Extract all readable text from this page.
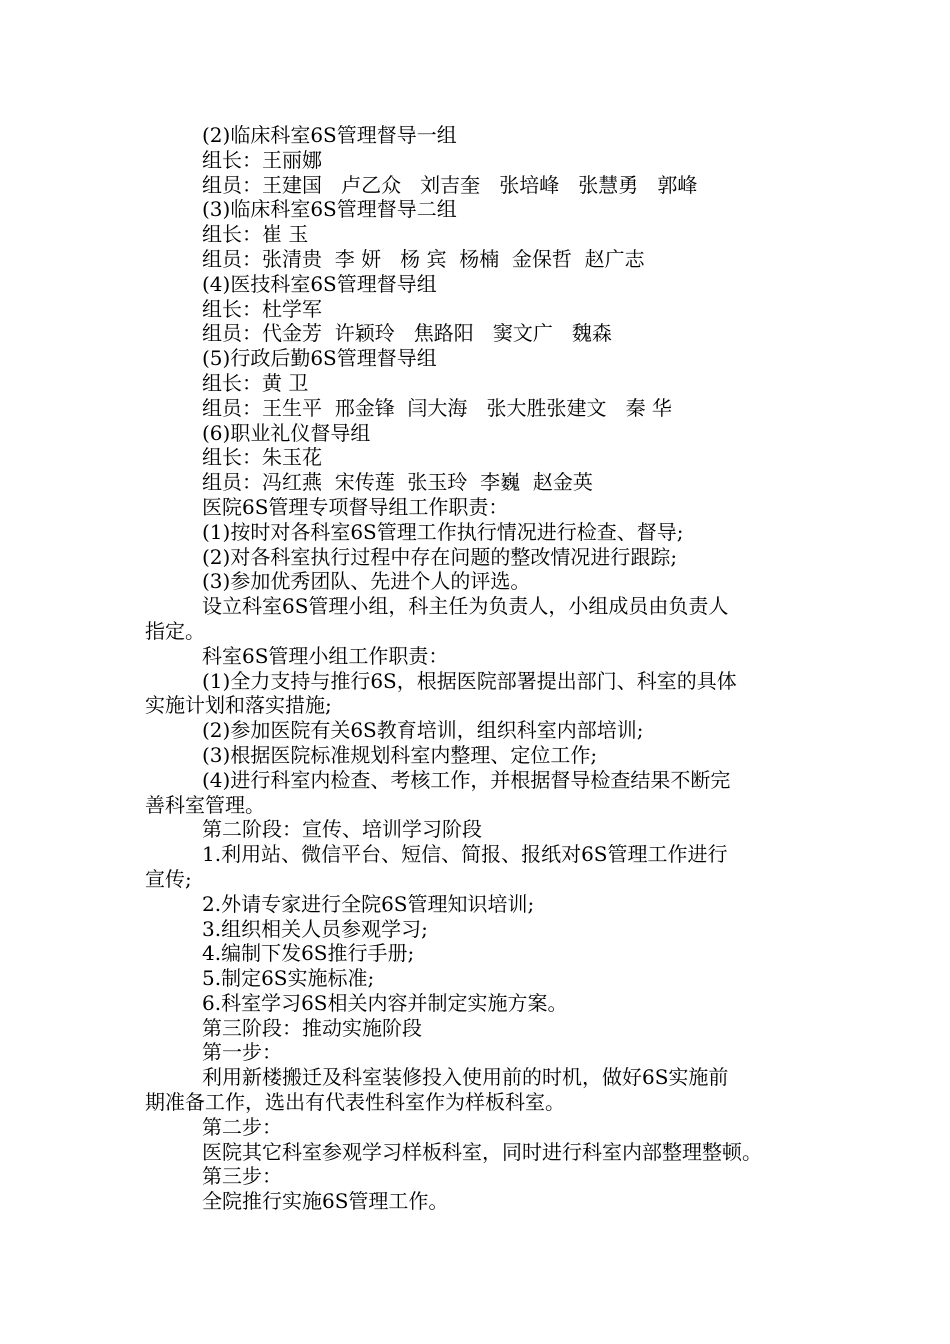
(2)临床科室6S管理督导一组
组长：王丽娜
组员：王建国   卢乙众   刘吉奎   张培峰   张慧勇   郭峰
(3)临床科室6S管理督导二组
组长：崔 玉
组员：张清贵  李 妍   杨 宾  杨楠  金保哲  赵广志
(4)医技科室6S管理督导组
组长：杜学军
组员：代金芳  许颖玲   焦路阳   窦文广   魏森
(5)行政后勤6S管理督导组
组长：黄 卫
组员：王生平  邢金锋  闫大海   张大胜张建文   秦 华
(6)职业礼仪督导组
组长：朱玉花
组员：冯红燕  宋传莲  张玉玲  李巍  赵金英
医院6S管理专项督导组工作职责：
(1)按时对各科室6S管理工作执行情况进行检查、督导;
(2)对各科室执行过程中存在问题的整改情况进行跟踪;
(3)参加优秀团队、先进个人的评选。
设立科室6S管理小组，科主任为负责人，小组成员由负责人
指定。
科室6S管理小组工作职责：
(1)全力支持与推行6S，根据医院部署提出部门、科室的具体
实施计划和落实措施;
(2)参加医院有关6S教育培训，组织科室内部培训;
(3)根据医院标准规划科室内整理、定位工作;
(4)进行科室内检查、考核工作，并根据督导检查结果不断完
善科室管理。
第二阶段：宣传、培训学习阶段
1.利用站、微信平台、短信、简报、报纸对6S管理工作进行
宣传;
2.外请专家进行全院6S管理知识培训;
3.组织相关人员参观学习;
4.编制下发6S推行手册;
5.制定6S实施标准;
6.科室学习6S相关内容并制定实施方案。
第三阶段：推动实施阶段
第一步：
利用新楼搬迁及科室装修投入使用前的时机，做好6S实施前
期准备工作，选出有代表性科室作为样板科室。
第二步：
医院其它科室参观学习样板科室，同时进行科室内部整理整顿。
第三步：
全院推行实施6S管理工作。
